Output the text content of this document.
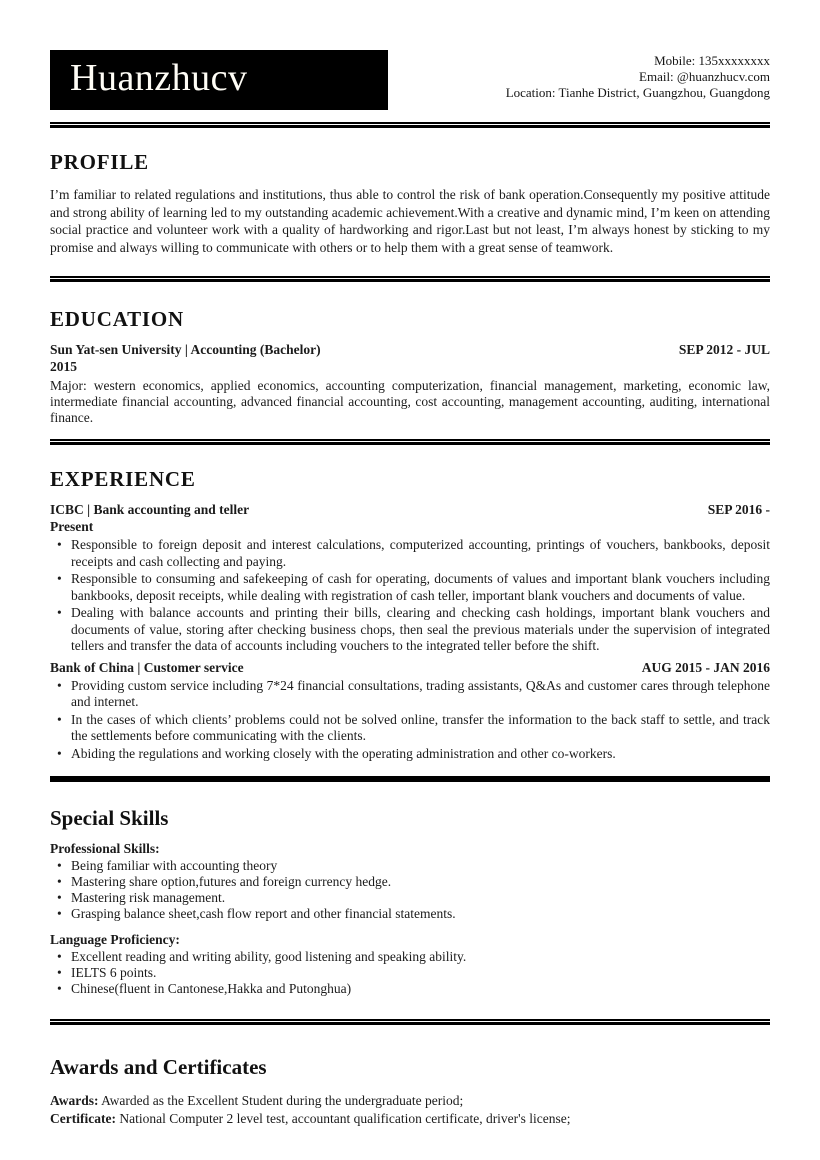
Huanzhucv	Mobile: 135xxxxxxxx
Email: @huanzhucv.com
Location: Tianhe District, Guangzhou, Guangdong
PROFILE
I’m familiar to related regulations and institutions, thus able to control the risk of bank operation.Consequently my positive attitude and strong ability of learning led to my outstanding academic achievement.With a creative and dynamic mind, I’m keen on attending social practice and volunteer work with a quality of hardworking and rigor.Last but not least, I’m always honest by sticking to my promise and always willing to communicate with others or to help them with a great sense of teamwork.
EDUCATION
Sun Yat-sen University | Accounting (Bachelor)	SEP 2012 - JUL
2015
Major: western economics, applied economics, accounting computerization, financial management, marketing, economic law, intermediate financial accounting, advanced financial accounting, cost accounting, management accounting, auditing, international finance.
EXPERIENCE
ICBC | Bank accounting and teller	SEP 2016 -
Present
• Responsible to foreign deposit and interest calculations, computerized accounting, printings of vouchers, bankbooks, deposit receipts and cash collecting and paying.
• Responsible to consuming and safekeeping of cash for operating, documents of values and important blank vouchers including bankbooks, deposit receipts, while dealing with registration of cash teller, important blank vouchers and documents of value.
• Dealing with balance accounts and printing their bills, clearing and checking cash holdings, important blank vouchers and documents of value, storing after checking business chops, then seal the previous materials under the supervision of integrated tellers and transfer the data of accounts including vouchers to the integrated teller before the shift.
Bank of China | Customer service	AUG 2015 - JAN 2016
• Providing custom service including 7*24 financial consultations, trading assistants, Q&As and customer cares through telephone and internet.
• In the cases of which clients’ problems could not be solved online, transfer the information to the back staff to settle, and track the settlements before communicating with the clients.
• Abiding the regulations and working closely with the operating administration and other co-workers.
Special Skills
Professional Skills:
• Being familiar with accounting theory
• Mastering share option,futures and foreign currency hedge.
• Mastering risk management.
• Grasping balance sheet,cash flow report and other financial statements.
Language Proficiency:
• Excellent reading and writing ability, good listening and speaking ability.
• IELTS 6 points.
• Chinese(fluent in Cantonese,Hakka and Putonghua)
Awards and Certificates
Awards: Awarded as the Excellent Student during the undergraduate period;
Certificate: National Computer 2 level test, accountant qualification certificate, driver's license;
